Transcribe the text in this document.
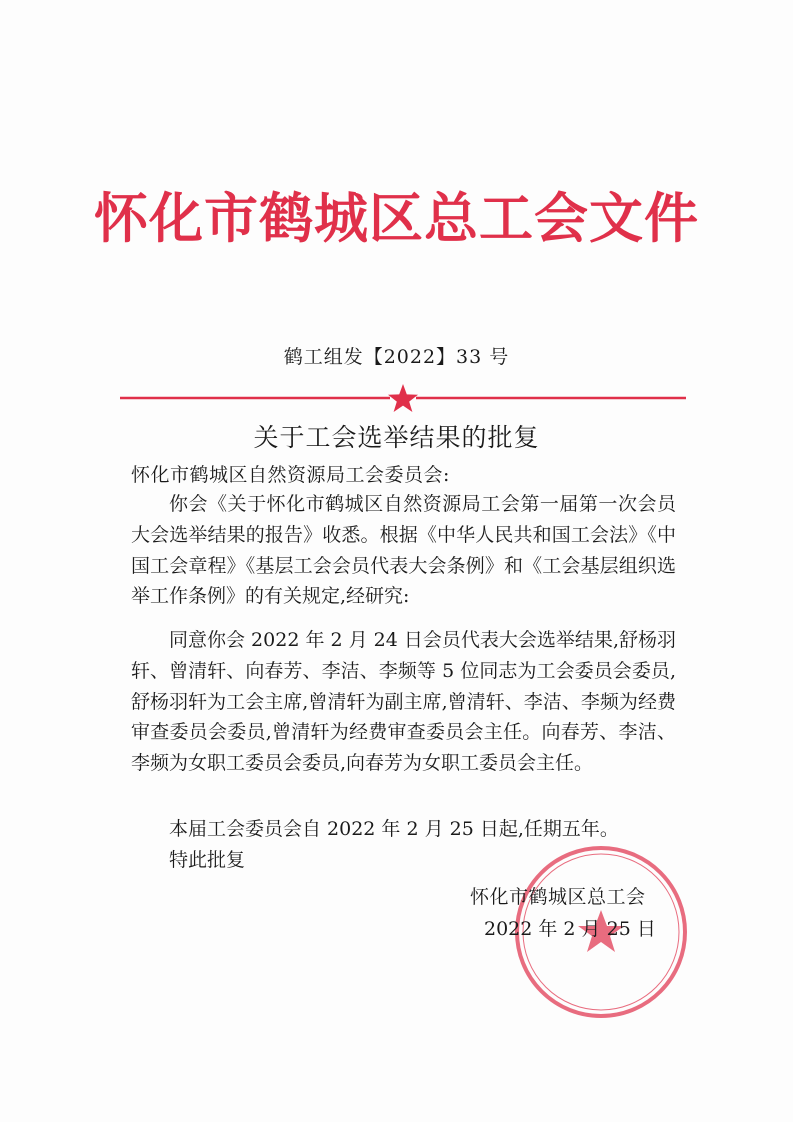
怀化市鹤城区总工会文件
鹤工组发【2022】33 号
关于工会选举结果的批复
怀化市鹤城区自然资源局工会委员会:

你会《关于怀化市鹤城区自然资源局工会第一届第一次会员大会选举结果的报告》收悉。根据《中华人民共和国工会法》《中国工会章程》《基层工会会员代表大会条例》和《工会基层组织选举工作条例》的有关规定,经研究:

同意你会 2022 年 2 月 24 日会员代表大会选举结果,舒杨羽轩、曾清轩、向春芳、李洁、李频等 5 位同志为工会委员会委员,舒杨羽轩为工会主席,曾清轩为副主席,曾清轩、李洁、李频为经费审查委员会委员,曾清轩为经费审查委员会主任。向春芳、李洁、李频为女职工委员会委员,向春芳为女职工委员会主任。

本届工会委员会自 2022 年 2 月 25 日起,任期五年。

特此批复

怀化市鹤城区总工会
2022 年 2 月 25 日
